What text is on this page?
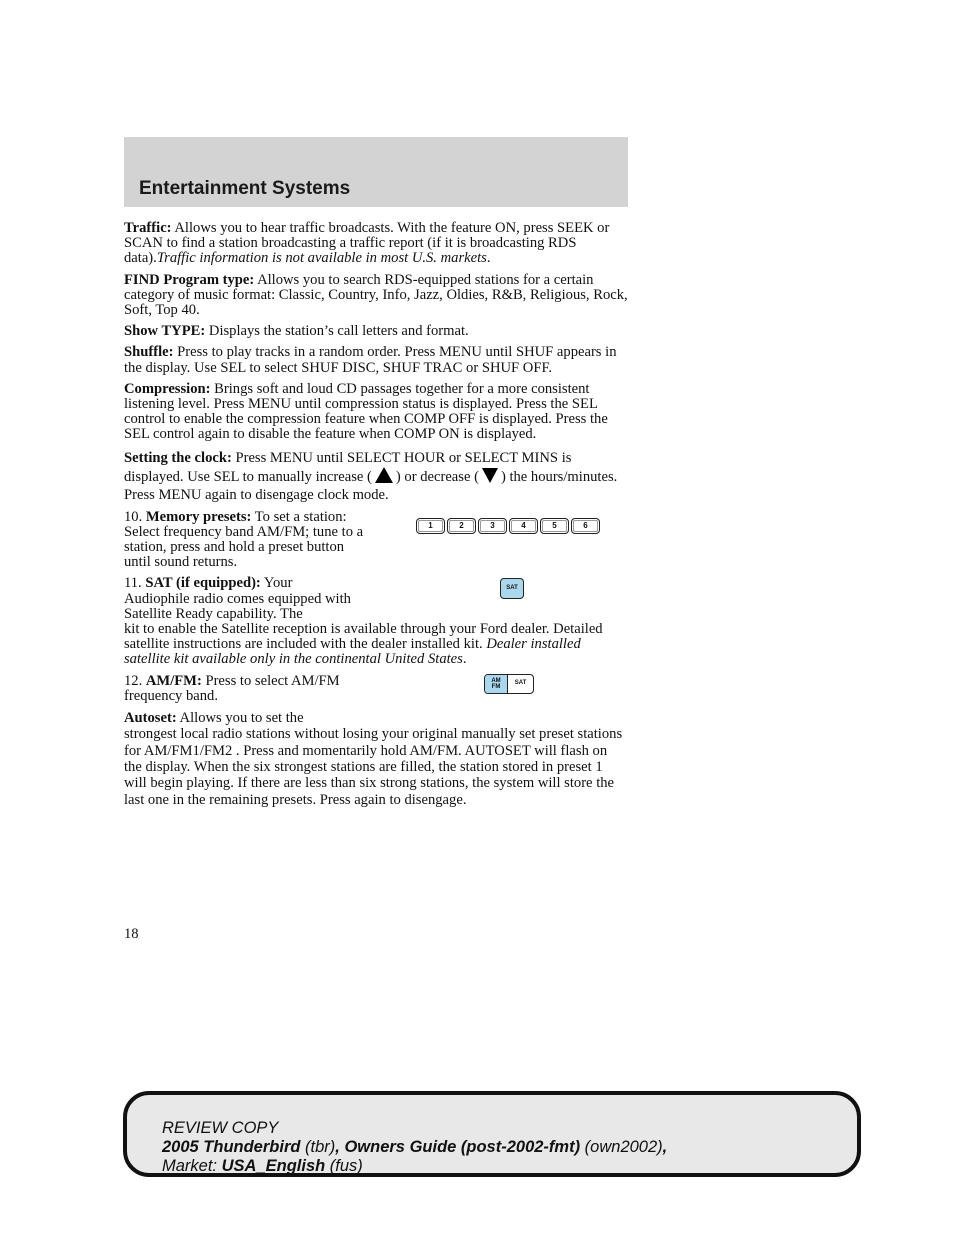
Entertainment Systems

Traffic: Allows you to hear traffic broadcasts. With the feature ON, press SEEK or SCAN to find a station broadcasting a traffic report (if it is broadcasting RDS data).Traffic information is not available in most U.S. markets.

FIND Program type: Allows you to search RDS-equipped stations for a certain category of music format: Classic, Country, Info, Jazz, Oldies, R&B, Religious, Rock, Soft, Top 40.

Show TYPE: Displays the station’s call letters and format.

Shuffle: Press to play tracks in a random order. Press MENU until SHUF appears in the display. Use SEL to select SHUF DISC, SHUF TRAC or SHUF OFF.

Compression: Brings soft and loud CD passages together for a more consistent listening level. Press MENU until compression status is displayed. Press the SEL control to enable the compression feature when COMP OFF is displayed. Press the SEL control again to disable the feature when COMP ON is displayed.

Setting the clock: Press MENU until SELECT HOUR or SELECT MINS is displayed. Use SEL to manually increase ( ) or decrease ( ) the hours/minutes. Press MENU again to disengage clock mode.

10. Memory presets: To set a station: Select frequency band AM/FM; tune to a station, press and hold a preset button until sound returns.
1	2	3	4	5	6
11. SAT (if equipped): Your Audiophile radio comes equipped with Satellite Ready capability. The
kit to enable the Satellite reception is available through your Ford dealer. Detailed satellite instructions are included with the dealer installed kit. Dealer installed satellite kit available only in the continental United States.
SAT
12. AM/FM: Press to select AM/FM frequency band.
AM
FM
SAT
Autoset: Allows you to set the
strongest local radio stations without losing your original manually set preset stations for AM/FM1/FM2 . Press and momentarily hold AM/FM. AUTOSET will flash on the display. When the six strongest stations are filled, the station stored in preset 1 will begin playing. If there are less than six strong stations, the system will store the last one in the remaining presets. Press again to disengage.
18
REVIEW COPY
2005 Thunderbird (tbr), Owners Guide (post-2002-fmt) (own2002),
Market: USA_English (fus)
